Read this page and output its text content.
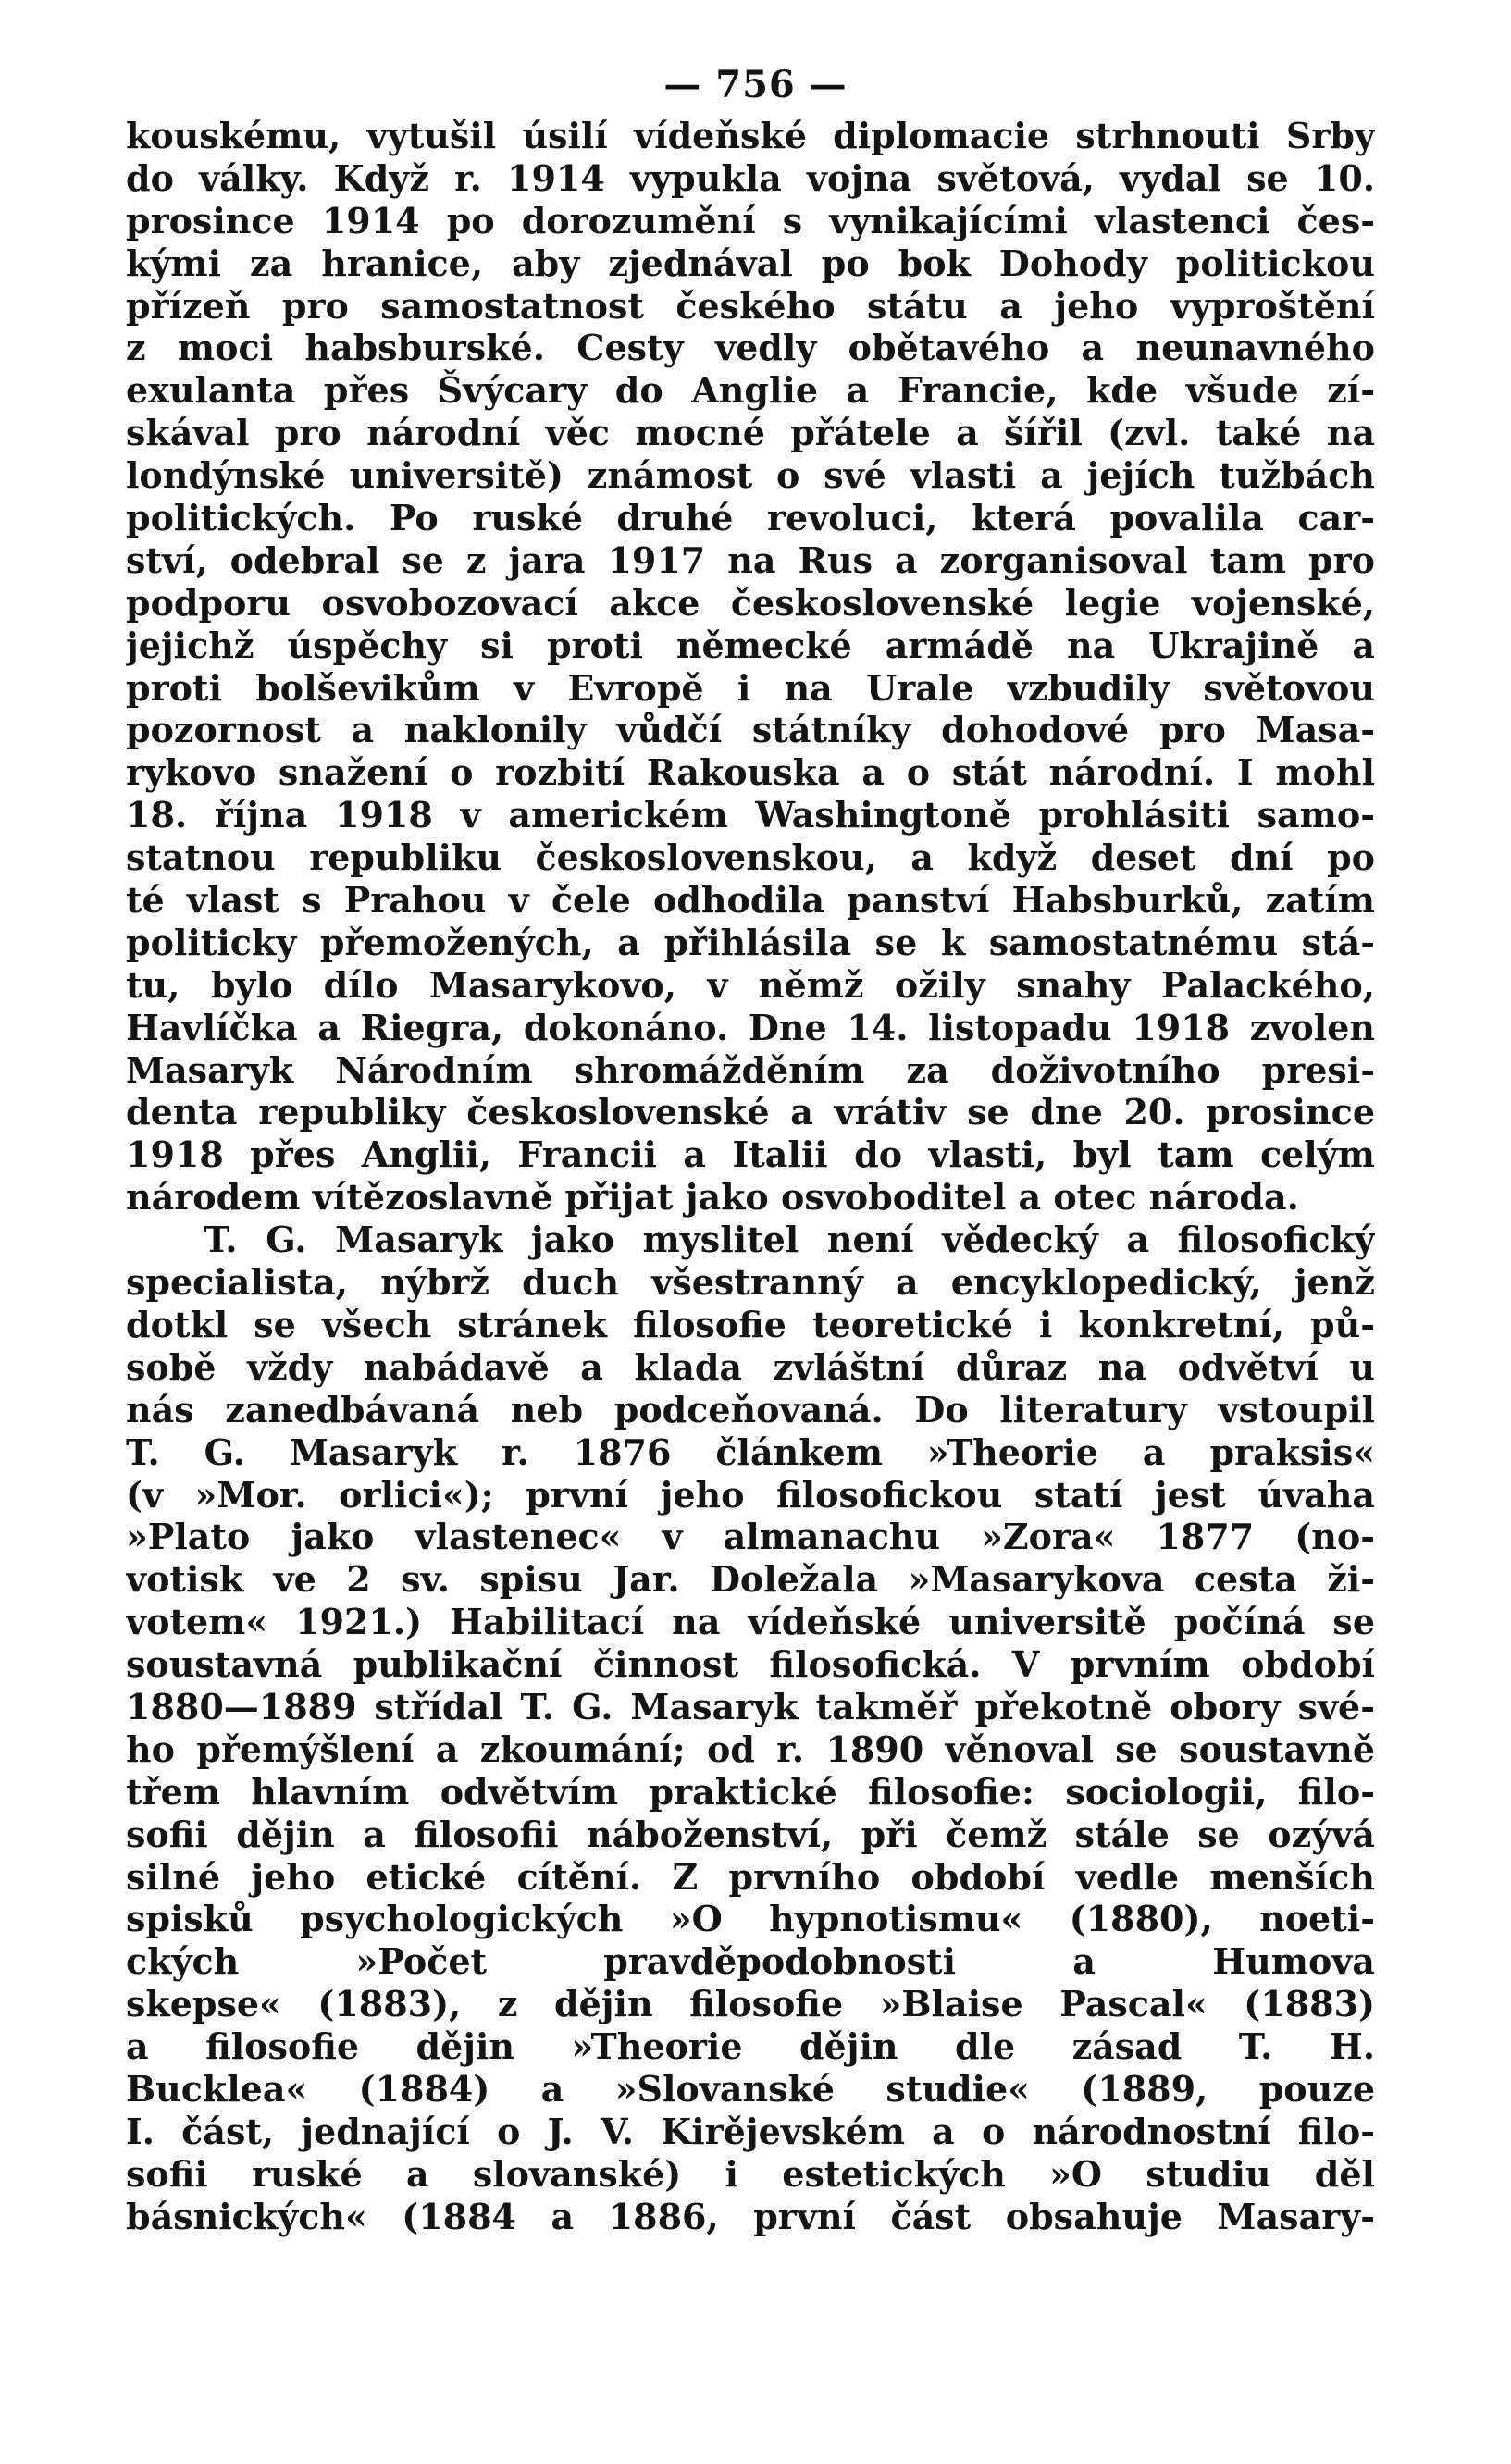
— 756 —
kouskému, vytušil úsilí vídeňské diplomacie strhnouti Srby
do války. Když r. 1914 vypukla vojna světová, vydal se 10.
prosince 1914 po dorozumění s vynikajícími vlastenci čes-
kými za hranice, aby zjednával po bok Dohody politickou
přízeň pro samostatnost českého státu a jeho vyproštění
z moci habsburské. Cesty vedly obětavého a neunavného
exulanta přes Švýcary do Anglie a Francie, kde všude zí-
skával pro národní věc mocné přátele a šířil (zvl. také na
londýnské universitě) známost o své vlasti a jejích tužbách
politických. Po ruské druhé revoluci, která povalila car-
ství, odebral se z jara 1917 na Rus a zorganisoval tam pro
podporu osvobozovací akce československé legie vojenské,
jejichž úspěchy si proti německé armádě na Ukrajině a
proti bolševikům v Evropě i na Urale vzbudily světovou
pozornost a naklonily vůdčí státníky dohodové pro Masa-
rykovo snažení o rozbití Rakouska a o stát národní. I mohl
18. října 1918 v americkém Washingtoně prohlásiti samo-
statnou republiku československou, a když deset dní po
té vlast s Prahou v čele odhodila panství Habsburků, zatím
politicky přemožených, a přihlásila se k samostatnému stá-
tu, bylo dílo Masarykovo, v němž ožily snahy Palackého,
Havlíčka a Riegra, dokonáno. Dne 14. listopadu 1918 zvolen
Masaryk Národním shromážděním za doživotního presi-
denta republiky československé a vrátiv se dne 20. prosince
1918 přes Anglii, Francii a Italii do vlasti, byl tam celým
národem vítězoslavně přijat jako osvoboditel a otec národa.
T. G. Masaryk jako myslitel není vědecký a filosofický
specialista, nýbrž duch všestranný a encyklopedický, jenž
dotkl se všech stránek filosofie teoretické i konkretní, pů-
sobě vždy nabádavě a klada zvláštní důraz na odvětví u
nás zanedbávaná neb podceňovaná. Do literatury vstoupil
T. G. Masaryk r. 1876 článkem »Theorie a praksis«
(v »Mor. orlici«); první jeho filosofickou statí jest úvaha
»Plato jako vlastenec« v almanachu »Zora« 1877 (no-
votisk ve 2 sv. spisu Jar. Doležala »Masarykova cesta ži-
votem« 1921.) Habilitací na vídeňské universitě počíná se
soustavná publikační činnost filosofická. V prvním období
1880—1889 střídal T. G. Masaryk takměř překotně obory své-
ho přemýšlení a zkoumání; od r. 1890 věnoval se soustavně
třem hlavním odvětvím praktické filosofie: sociologii, filo-
sofii dějin a filosofii náboženství, při čemž stále se ozývá
silné jeho etické cítění. Z prvního období vedle menších
spisků psychologických »O hypnotismu« (1880), noeti-
ckých »Počet pravděpodobnosti a Humova
skepse« (1883), z dějin filosofie »Blaise Pascal« (1883)
a filosofie dějin »Theorie dějin dle zásad T. H.
Bucklea« (1884) a »Slovanské studie« (1889, pouze
I. část, jednající o J. V. Kirějevském a o národnostní filo-
sofii ruské a slovanské) i estetických »O studiu děl
básnických« (1884 a 1886, první část obsahuje Masary-
